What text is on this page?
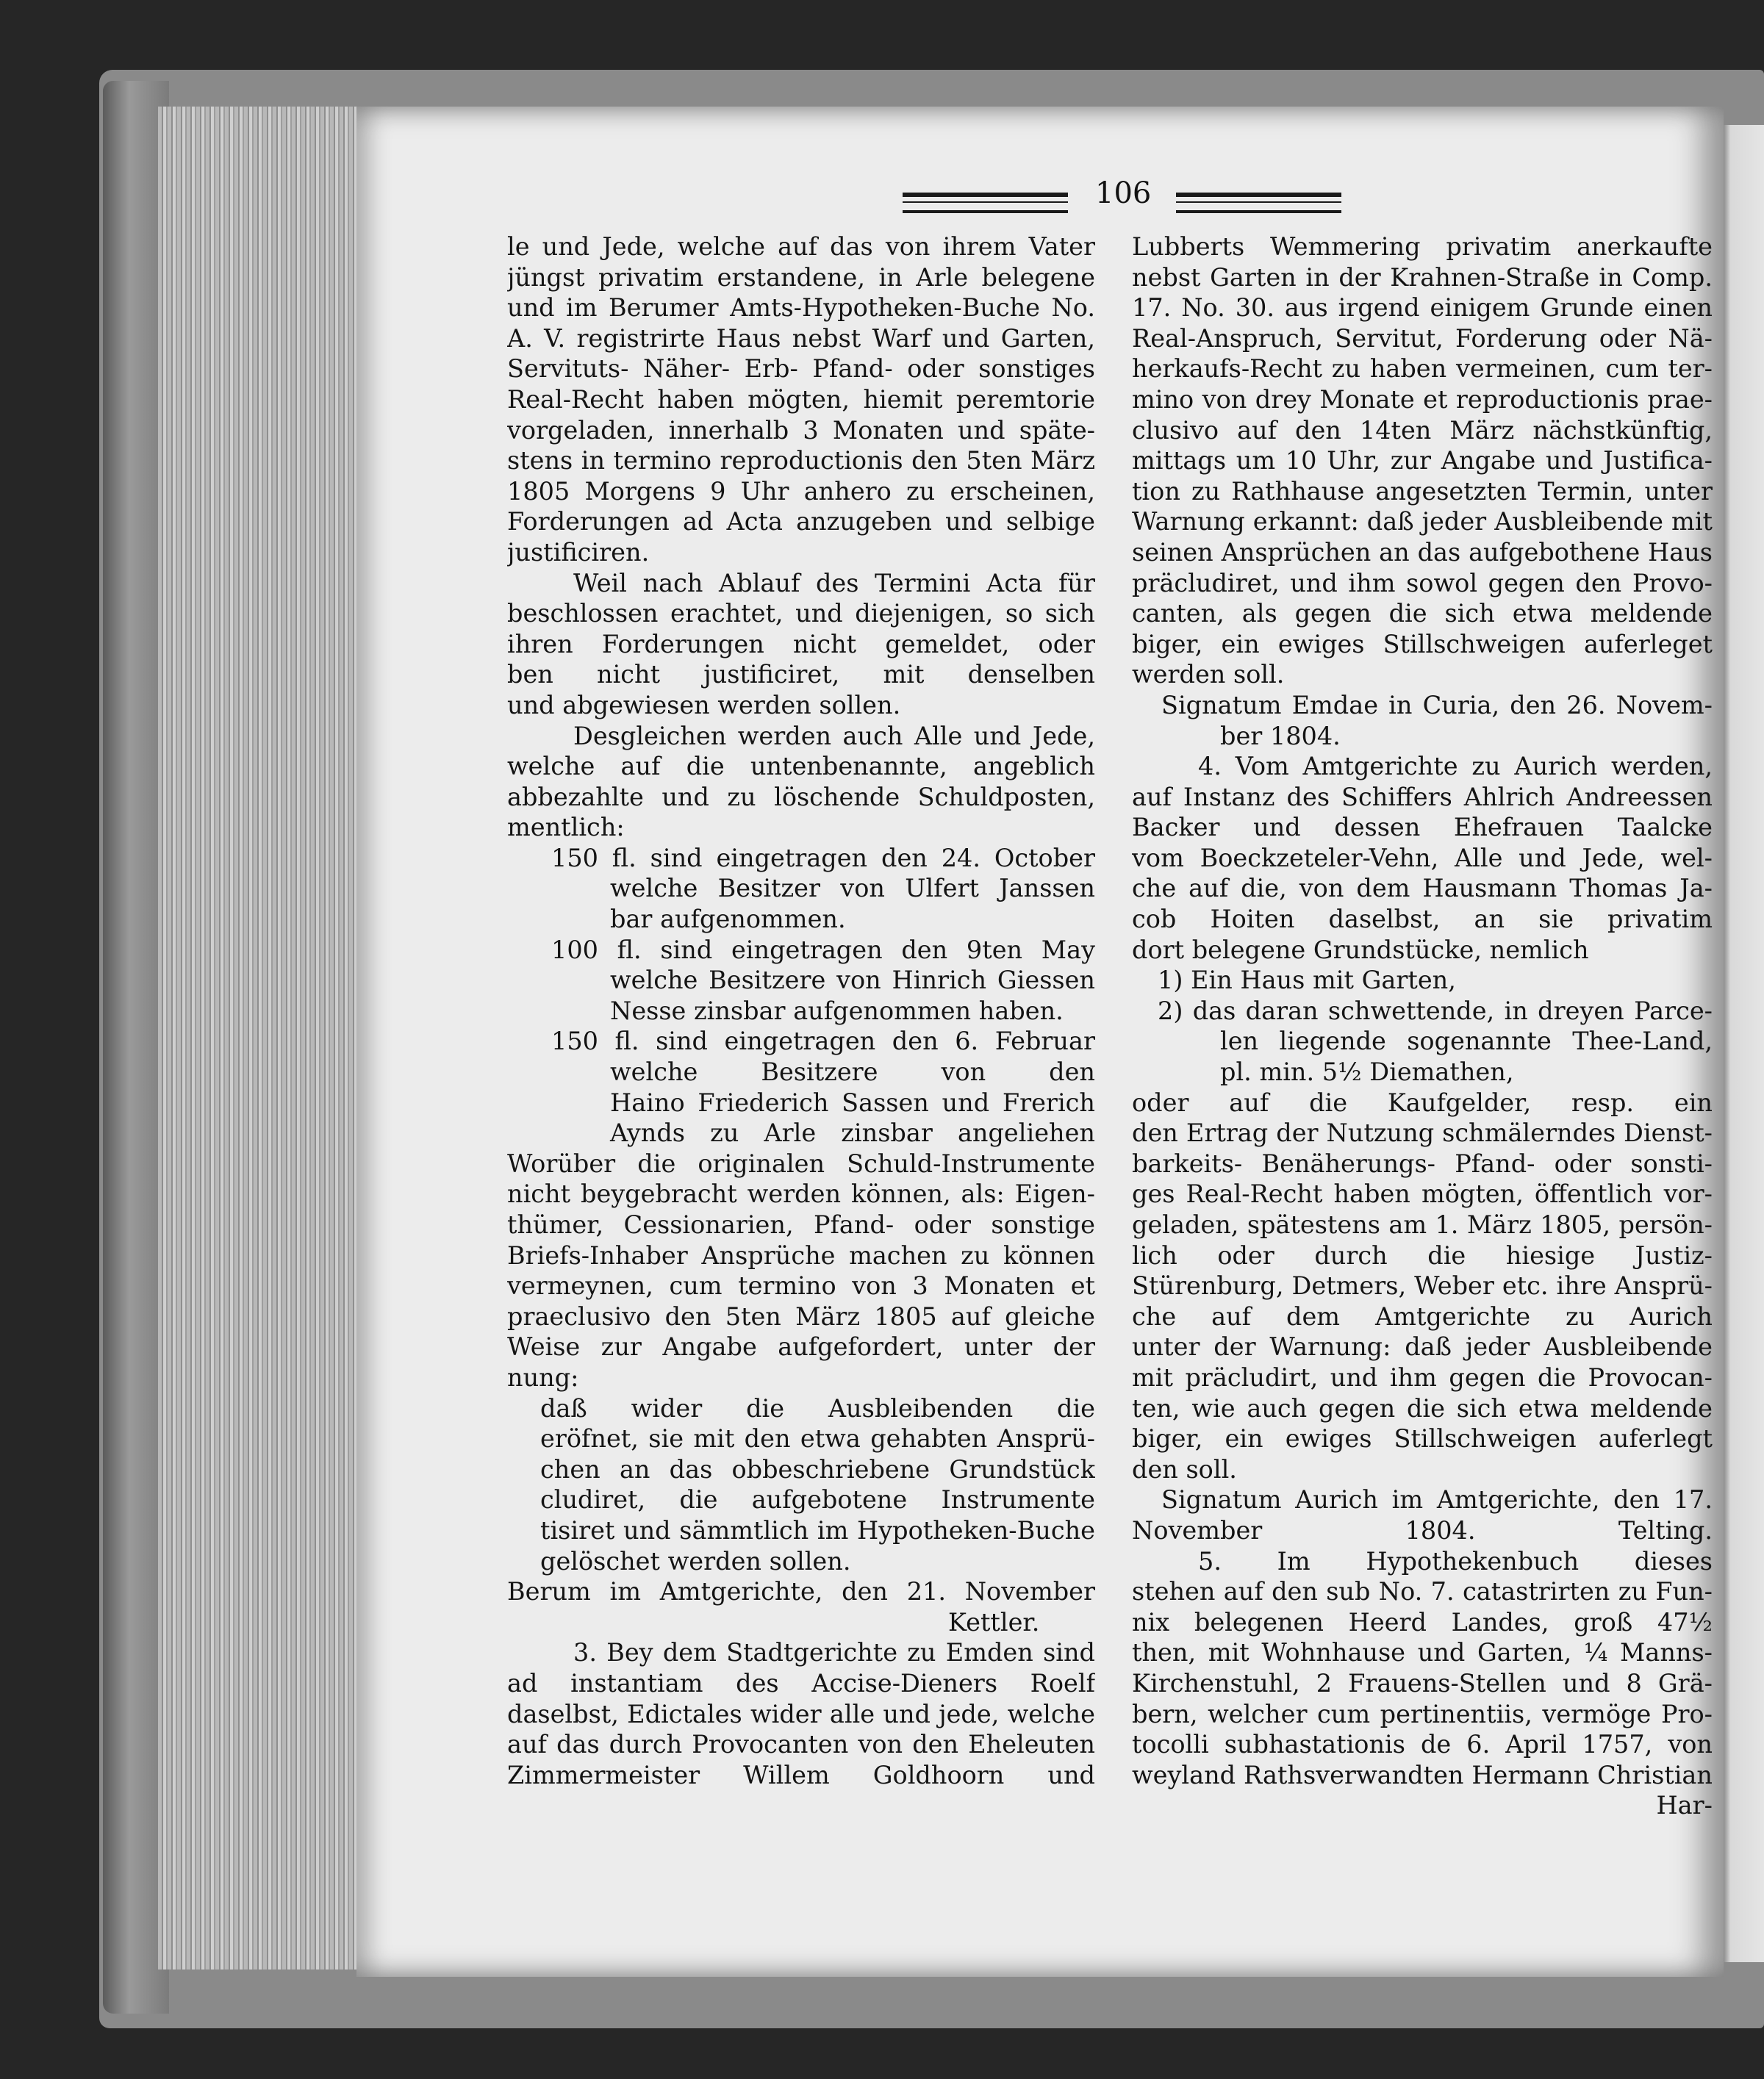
106
le und Jede, welche auf das von ihrem Vater
jüngst privatim erstandene, in Arle belegene
und im Berumer Amts-Hypotheken-Buche No.
A. V. registrirte Haus nebst Warf und Garten,
Servituts- Näher- Erb- Pfand- oder sonstiges
Real-Recht haben mögten, hiemit peremtorie
vorgeladen, innerhalb 3 Monaten und späte-
stens in termino reproductionis den 5ten März
1805 Morgens 9 Uhr anhero zu erscheinen,
Forderungen ad Acta anzugeben und selbige
justificiren.
Weil nach Ablauf des Termini Acta für
beschlossen erachtet, und diejenigen, so sich
ihren Forderungen nicht gemeldet, oder
ben nicht justificiret, mit denselben
und abgewiesen werden sollen.
Desgleichen werden auch Alle und Jede,
welche auf die untenbenannte, angeblich
abbezahlte und zu löschende Schuldposten,
mentlich:
150 fl. sind eingetragen den 24. October
welche Besitzer von Ulfert Janssen
bar aufgenommen.
100 fl. sind eingetragen den 9ten May
welche Besitzere von Hinrich Giessen
Nesse zinsbar aufgenommen haben.
150 fl. sind eingetragen den 6. Februar
welche Besitzere von den
Haino Friederich Sassen und Frerich
Aynds zu Arle zinsbar angeliehen
Worüber die originalen Schuld-Instrumente
nicht beygebracht werden können, als: Eigen-
thümer, Cessionarien, Pfand- oder sonstige
Briefs-Inhaber Ansprüche machen zu können
vermeynen, cum termino von 3 Monaten et
praeclusivo den 5ten März 1805 auf gleiche
Weise zur Angabe aufgefordert, unter der
nung:
daß wider die Ausbleibenden die
eröfnet, sie mit den etwa gehabten Ansprü-
chen an das obbeschriebene Grundstück
cludiret, die aufgebotene Instrumente
tisiret und sämmtlich im Hypotheken-Buche
gelöschet werden sollen.
Berum im Amtgerichte, den 21. November
Kettler.
3. Bey dem Stadtgerichte zu Emden sind
ad instantiam des Accise-Dieners Roelf
daselbst, Edictales wider alle und jede, welche
auf das durch Provocanten von den Eheleuten
Zimmermeister Willem Goldhoorn und
Lubberts Wemmering privatim anerkaufte
nebst Garten in der Krahnen-Straße in Comp.
17. No. 30. aus irgend einigem Grunde einen
Real-Anspruch, Servitut, Forderung oder Nä-
herkaufs-Recht zu haben vermeinen, cum ter-
mino von drey Monate et reproductionis prae-
clusivo auf den 14ten März nächstkünftig,
mittags um 10 Uhr, zur Angabe und Justifica-
tion zu Rathhause angesetzten Termin, unter
Warnung erkannt: daß jeder Ausbleibende mit
seinen Ansprüchen an das aufgebothene Haus
präcludiret, und ihm sowol gegen den Provo-
canten, als gegen die sich etwa meldende
biger, ein ewiges Stillschweigen auferleget
werden soll.
Signatum Emdae in Curia, den 26. Novem-
ber 1804.
4. Vom Amtgerichte zu Aurich werden,
auf Instanz des Schiffers Ahlrich Andreessen
Backer und dessen Ehefrauen Taalcke
vom Boeckzeteler-Vehn, Alle und Jede, wel-
che auf die, von dem Hausmann Thomas Ja-
cob Hoiten daselbst, an sie privatim
dort belegene Grundstücke, nemlich
1) Ein Haus mit Garten,
2) das daran schwettende, in dreyen Parce-
len liegende sogenannte Thee-Land,
pl. min. 5½ Diemathen,
oder auf die Kaufgelder, resp. ein
den Ertrag der Nutzung schmälerndes Dienst-
barkeits- Benäherungs- Pfand- oder sonsti-
ges Real-Recht haben mögten, öffentlich vor-
geladen, spätestens am 1. März 1805, persön-
lich oder durch die hiesige Justiz-
Stürenburg, Detmers, Weber etc. ihre Ansprü-
che auf dem Amtgerichte zu Aurich
unter der Warnung: daß jeder Ausbleibende
mit präcludirt, und ihm gegen die Provocan-
ten, wie auch gegen die sich etwa meldende
biger, ein ewiges Stillschweigen auferlegt
den soll.
Signatum Aurich im Amtgerichte, den 17.
November 1804. Telting.
5. Im Hypothekenbuch dieses
stehen auf den sub No. 7. catastrirten zu Fun-
nix belegenen Heerd Landes, groß 47½
then, mit Wohnhause und Garten, ¼ Manns-
Kirchenstuhl, 2 Frauens-Stellen und 8 Grä-
bern, welcher cum pertinentiis, vermöge Pro-
tocolli subhastationis de 6. April 1757, von
weyland Rathsverwandten Hermann Christian
Har-
